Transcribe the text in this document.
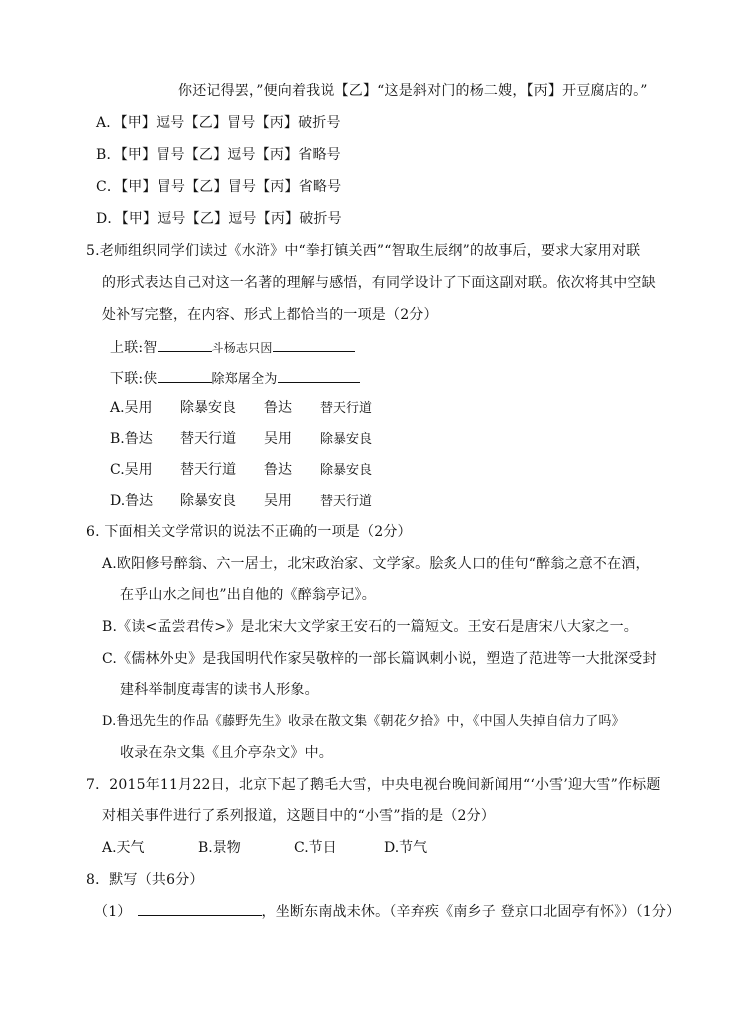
你还记得罢，”便向着我说【乙】“这是斜对门的杨二嫂，【丙】开豆腐店的。”
A．【甲】逗号【乙】冒号【丙】破折号
B．【甲】冒号【乙】逗号【丙】省略号
C．【甲】冒号【乙】冒号【丙】省略号
D．【甲】逗号【乙】逗号【丙】破折号
5.老师组织同学们读过《水浒》中“拳打镇关西”“智取生辰纲”的故事后，要求大家用对联
的形式表达自己对这一名著的理解与感悟，有同学设计了下面这副对联。依次将其中空缺
处补写完整，在内容、形式上都恰当的一项是（2分）
上联:智	斗杨志只因
下联:侠	除郑屠全为
A.吴用 除暴安良 鲁达 替天行道
B.鲁达 替天行道 吴用 除暴安良
C.吴用 替天行道 鲁达 除暴安良
D.鲁达 除暴安良 吴用 替天行道
6. 下面相关文学常识的说法不正确的一项是（2分）
A.欧阳修号醉翁、六一居士，北宋政治家、文学家。脍炙人口的佳句“醉翁之意不在酒，
在乎山水之间也”出自他的《醉翁亭记》。
B.《读<孟尝君传>》是北宋大文学家王安石的一篇短文。王安石是唐宋八大家之一。
C.《儒林外史》是我国明代作家吴敬梓的一部长篇讽刺小说，塑造了范进等一大批深受封
建科举制度毒害的读书人形象。
D.鲁迅先生的作品《藤野先生》收录在散文集《朝花夕拾》中，《中国人失掉自信力了吗》
收录在杂文集《且介亭杂文》中。
7．2015年11月22日，北京下起了鹅毛大雪，中央电视台晚间新闻用“‘小雪’迎大雪”作标题
对相关事件进行了系列报道，这题目中的“小雪”指的是（2分）
A.天气	B.景物	C.节日	D.节气
8．默写（共6分）
（1）	，坐断东南战未休。（辛弃疾《南乡子 登京口北固亭有怀》）（1分）
